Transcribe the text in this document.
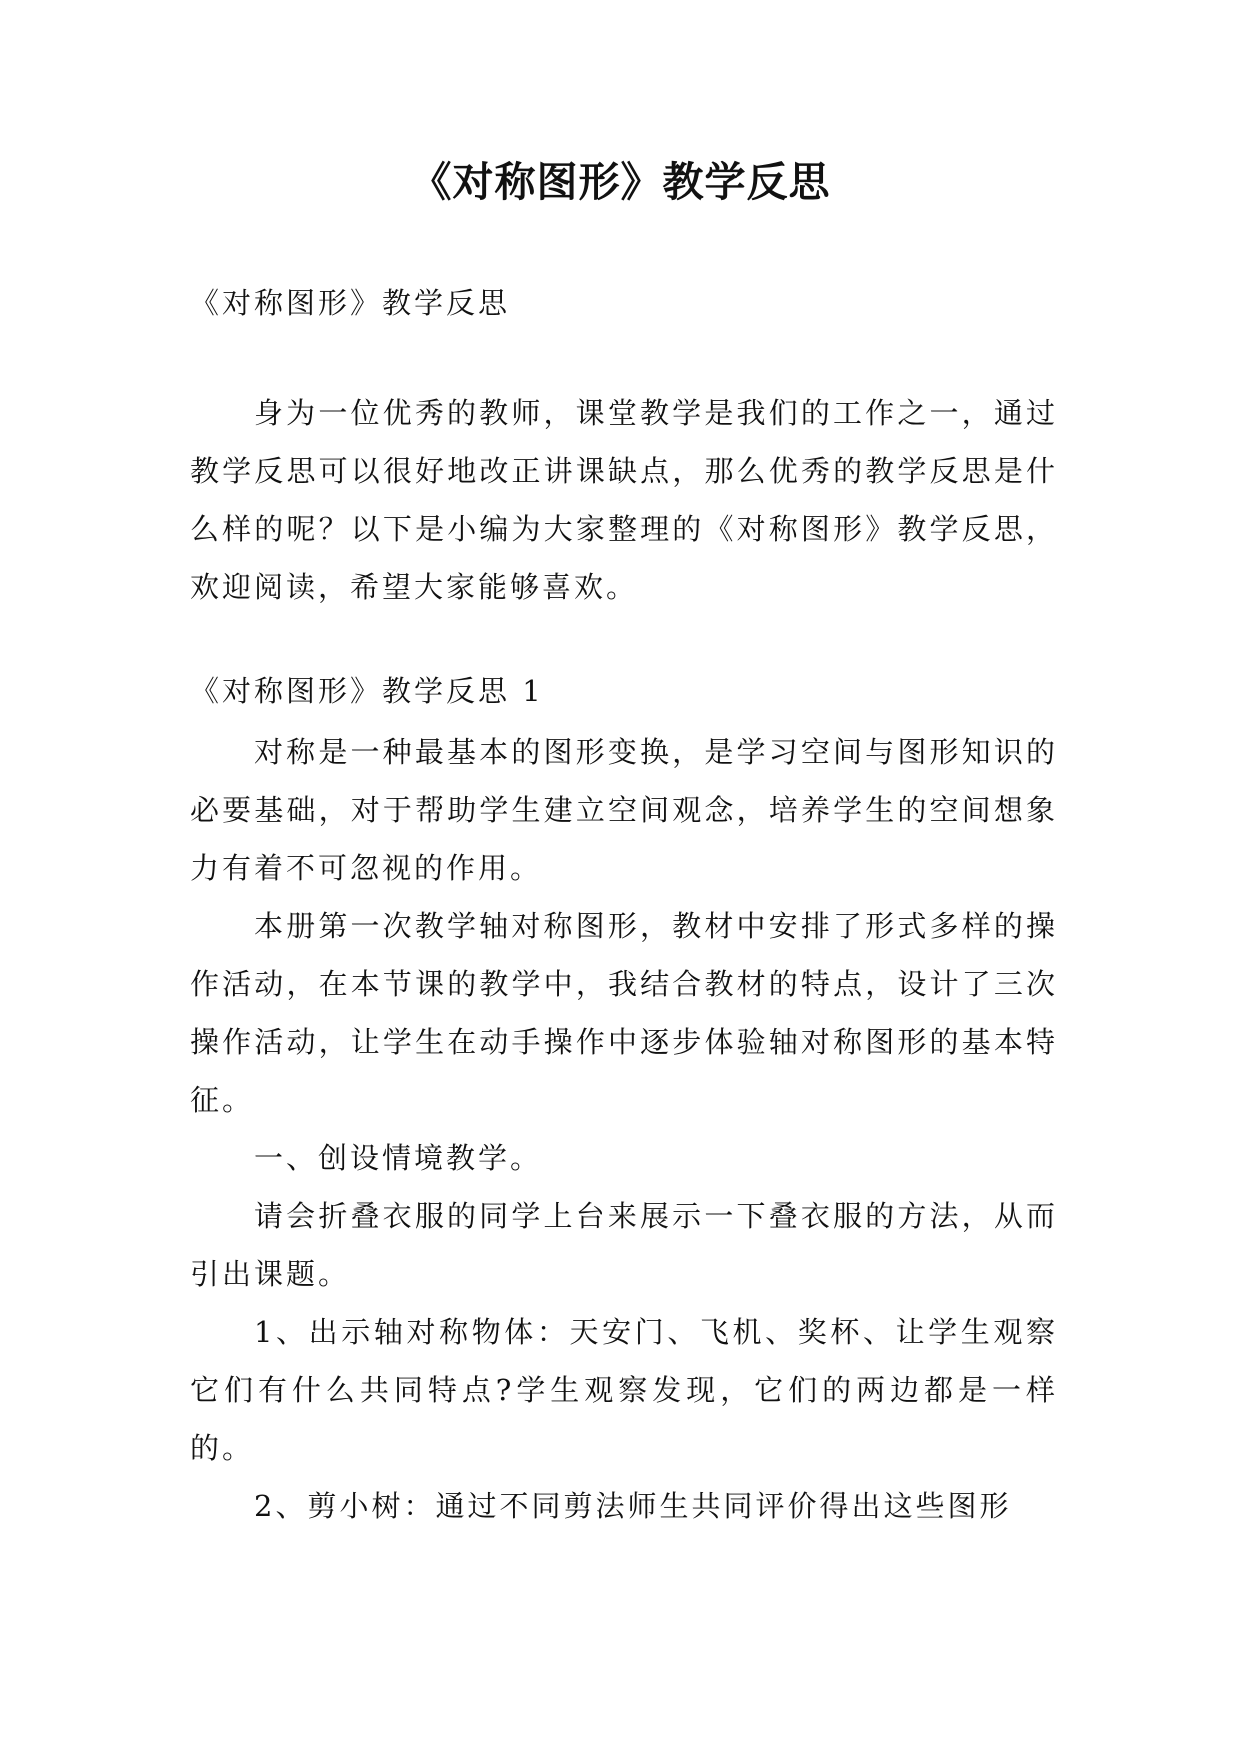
《对称图形》教学反思

《对称图形》教学反思

身为一位优秀的教师，课堂教学是我们的工作之一，通过教学反思可以很好地改正讲课缺点，那么优秀的教学反思是什么样的呢？以下是小编为大家整理的《对称图形》教学反思，欢迎阅读，希望大家能够喜欢。

《对称图形》教学反思 1

对称是一种最基本的图形变换，是学习空间与图形知识的必要基础，对于帮助学生建立空间观念，培养学生的空间想象力有着不可忽视的作用。

本册第一次教学轴对称图形，教材中安排了形式多样的操作活动，在本节课的教学中，我结合教材的特点，设计了三次操作活动，让学生在动手操作中逐步体验轴对称图形的基本特征。

一、创设情境教学。

请会折叠衣服的同学上台来展示一下叠衣服的方法，从而引出课题。

1、出示轴对称物体：天安门、飞机、奖杯、让学生观察它们有什么共同特点?学生观察发现，它们的两边都是一样的。

2、剪小树：通过不同剪法师生共同评价得出这些图形
